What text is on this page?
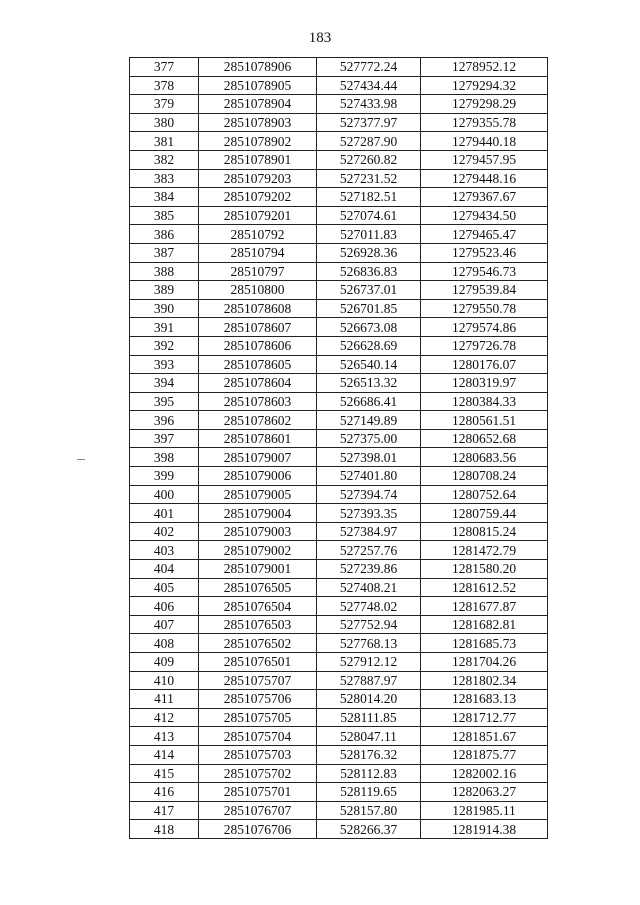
183
377	2851078906	527772.24	1278952.12
378	2851078905	527434.44	1279294.32
379	2851078904	527433.98	1279298.29
380	2851078903	527377.97	1279355.78
381	2851078902	527287.90	1279440.18
382	2851078901	527260.82	1279457.95
383	2851079203	527231.52	1279448.16
384	2851079202	527182.51	1279367.67
385	2851079201	527074.61	1279434.50
386	28510792	527011.83	1279465.47
387	28510794	526928.36	1279523.46
388	28510797	526836.83	1279546.73
389	28510800	526737.01	1279539.84
390	2851078608	526701.85	1279550.78
391	2851078607	526673.08	1279574.86
392	2851078606	526628.69	1279726.78
393	2851078605	526540.14	1280176.07
394	2851078604	526513.32	1280319.97
395	2851078603	526686.41	1280384.33
396	2851078602	527149.89	1280561.51
397	2851078601	527375.00	1280652.68
398	2851079007	527398.01	1280683.56
399	2851079006	527401.80	1280708.24
400	2851079005	527394.74	1280752.64
401	2851079004	527393.35	1280759.44
402	2851079003	527384.97	1280815.24
403	2851079002	527257.76	1281472.79
404	2851079001	527239.86	1281580.20
405	2851076505	527408.21	1281612.52
406	2851076504	527748.02	1281677.87
407	2851076503	527752.94	1281682.81
408	2851076502	527768.13	1281685.73
409	2851076501	527912.12	1281704.26
410	2851075707	527887.97	1281802.34
411	2851075706	528014.20	1281683.13
412	2851075705	528111.85	1281712.77
413	2851075704	528047.11	1281851.67
414	2851075703	528176.32	1281875.77
415	2851075702	528112.83	1282002.16
416	2851075701	528119.65	1282063.27
417	2851076707	528157.80	1281985.11
418	2851076706	528266.37	1281914.38
